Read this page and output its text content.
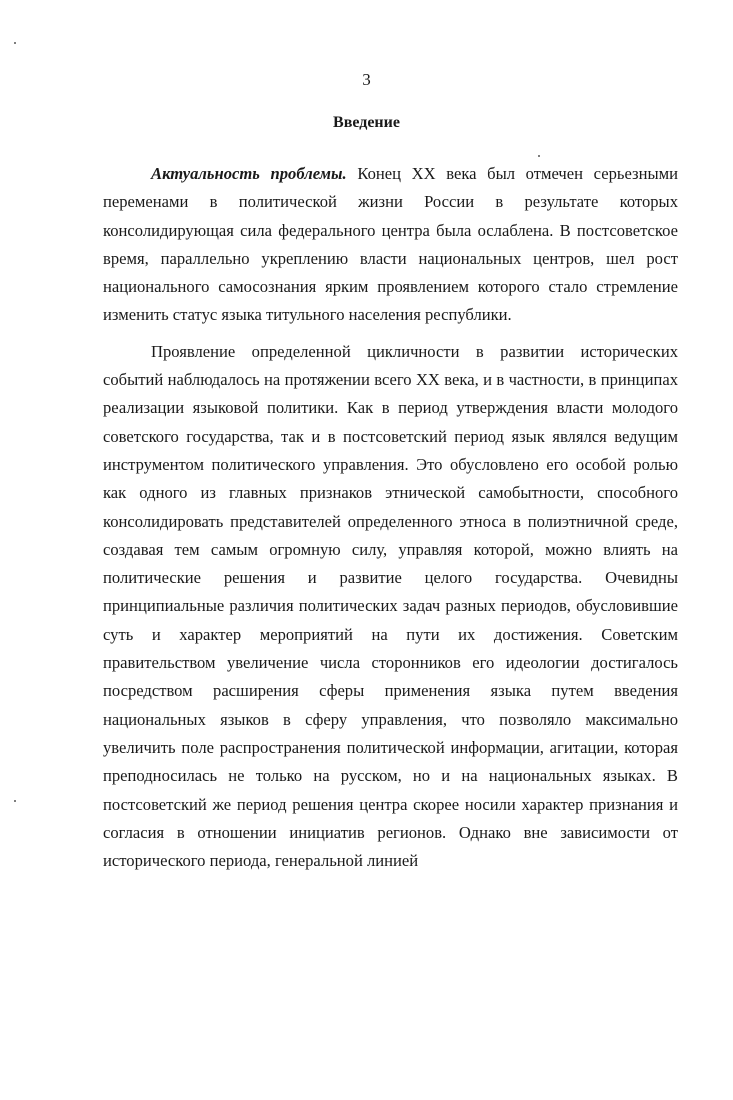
3
Введение

Актуальность проблемы. Конец XX века был отмечен серьезными переменами в политической жизни России в результате которых консолидирующая сила федерального центра была ослаблена. В постсоветское время, параллельно укреплению власти национальных центров, шел рост национального самосознания ярким проявлением которого стало стремление изменить статус языка титульного населения республики.

Проявление определенной цикличности в развитии исторических событий наблюдалось на протяжении всего XX века, и в частности, в принципах реализации языковой политики. Как в период утверждения власти молодого советского государства, так и в постсоветский период язык являлся ведущим инструментом политического управления. Это обусловлено его особой ролью как одного из главных признаков этнической самобытности, способного консолидировать представителей определенного этноса в полиэтничной среде, создавая тем самым огромную силу, управляя которой, можно влиять на политические решения и развитие целого государства. Очевидны принципиальные различия политических задач разных периодов, обусловившие суть и характер мероприятий на пути их достижения. Советским правительством увеличение числа сторонников его идеологии достигалось посредством расширения сферы применения языка путем введения национальных языков в сферу управления, что позволяло максимально увеличить поле распространения политической информации, агитации, которая преподносилась не только на русском, но и на национальных языках. В постсоветский же период решения центра скорее носили характер признания и согласия в отношении инициатив регионов. Однако вне зависимости от исторического периода, генеральной линией
